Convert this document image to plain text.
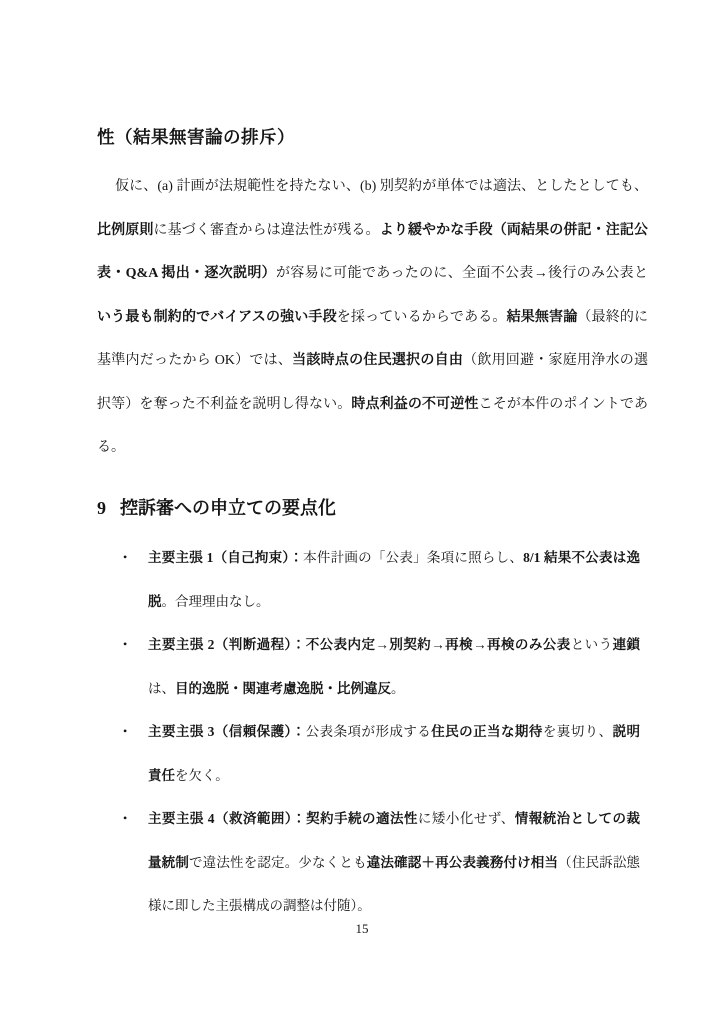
性（結果無害論の排斥）
仮に、(a) 計画が法規範性を持たない、(b) 別契約が単体では適法、としたとしても、
比例原則に基づく審査からは違法性が残る。より緩やかな手段（両結果の併記・注記公
表・Q&A 掲出・逐次説明）が容易に可能であったのに、全面不公表→後行のみ公表と
いう最も制約的でバイアスの強い手段を採っているからである。結果無害論（最終的に
基準内だったから OK）では、当該時点の住民選択の自由（飲用回避・家庭用浄水の選
択等）を奪った不利益を説明し得ない。時点利益の不可逆性こそが本件のポイントであ
る。
9 控訴審への申立ての要点化
• 主要主張 1（自己拘束）：本件計画の「公表」条項に照らし、8/1 結果不公表は逸
脱。合理理由なし。
• 主要主張 2（判断過程）：不公表内定→別契約→再検→再検のみ公表という連鎖
は、目的逸脱・関連考慮逸脱・比例違反。
• 主要主張 3（信頼保護）：公表条項が形成する住民の正当な期待を裏切り、説明
責任を欠く。
• 主要主張 4（救済範囲）：契約手続の適法性に矮小化せず、情報統治としての裁
量統制で違法性を認定。少なくとも違法確認＋再公表義務付け相当（住民訴訟態
様に即した主張構成の調整は付随）。
15
